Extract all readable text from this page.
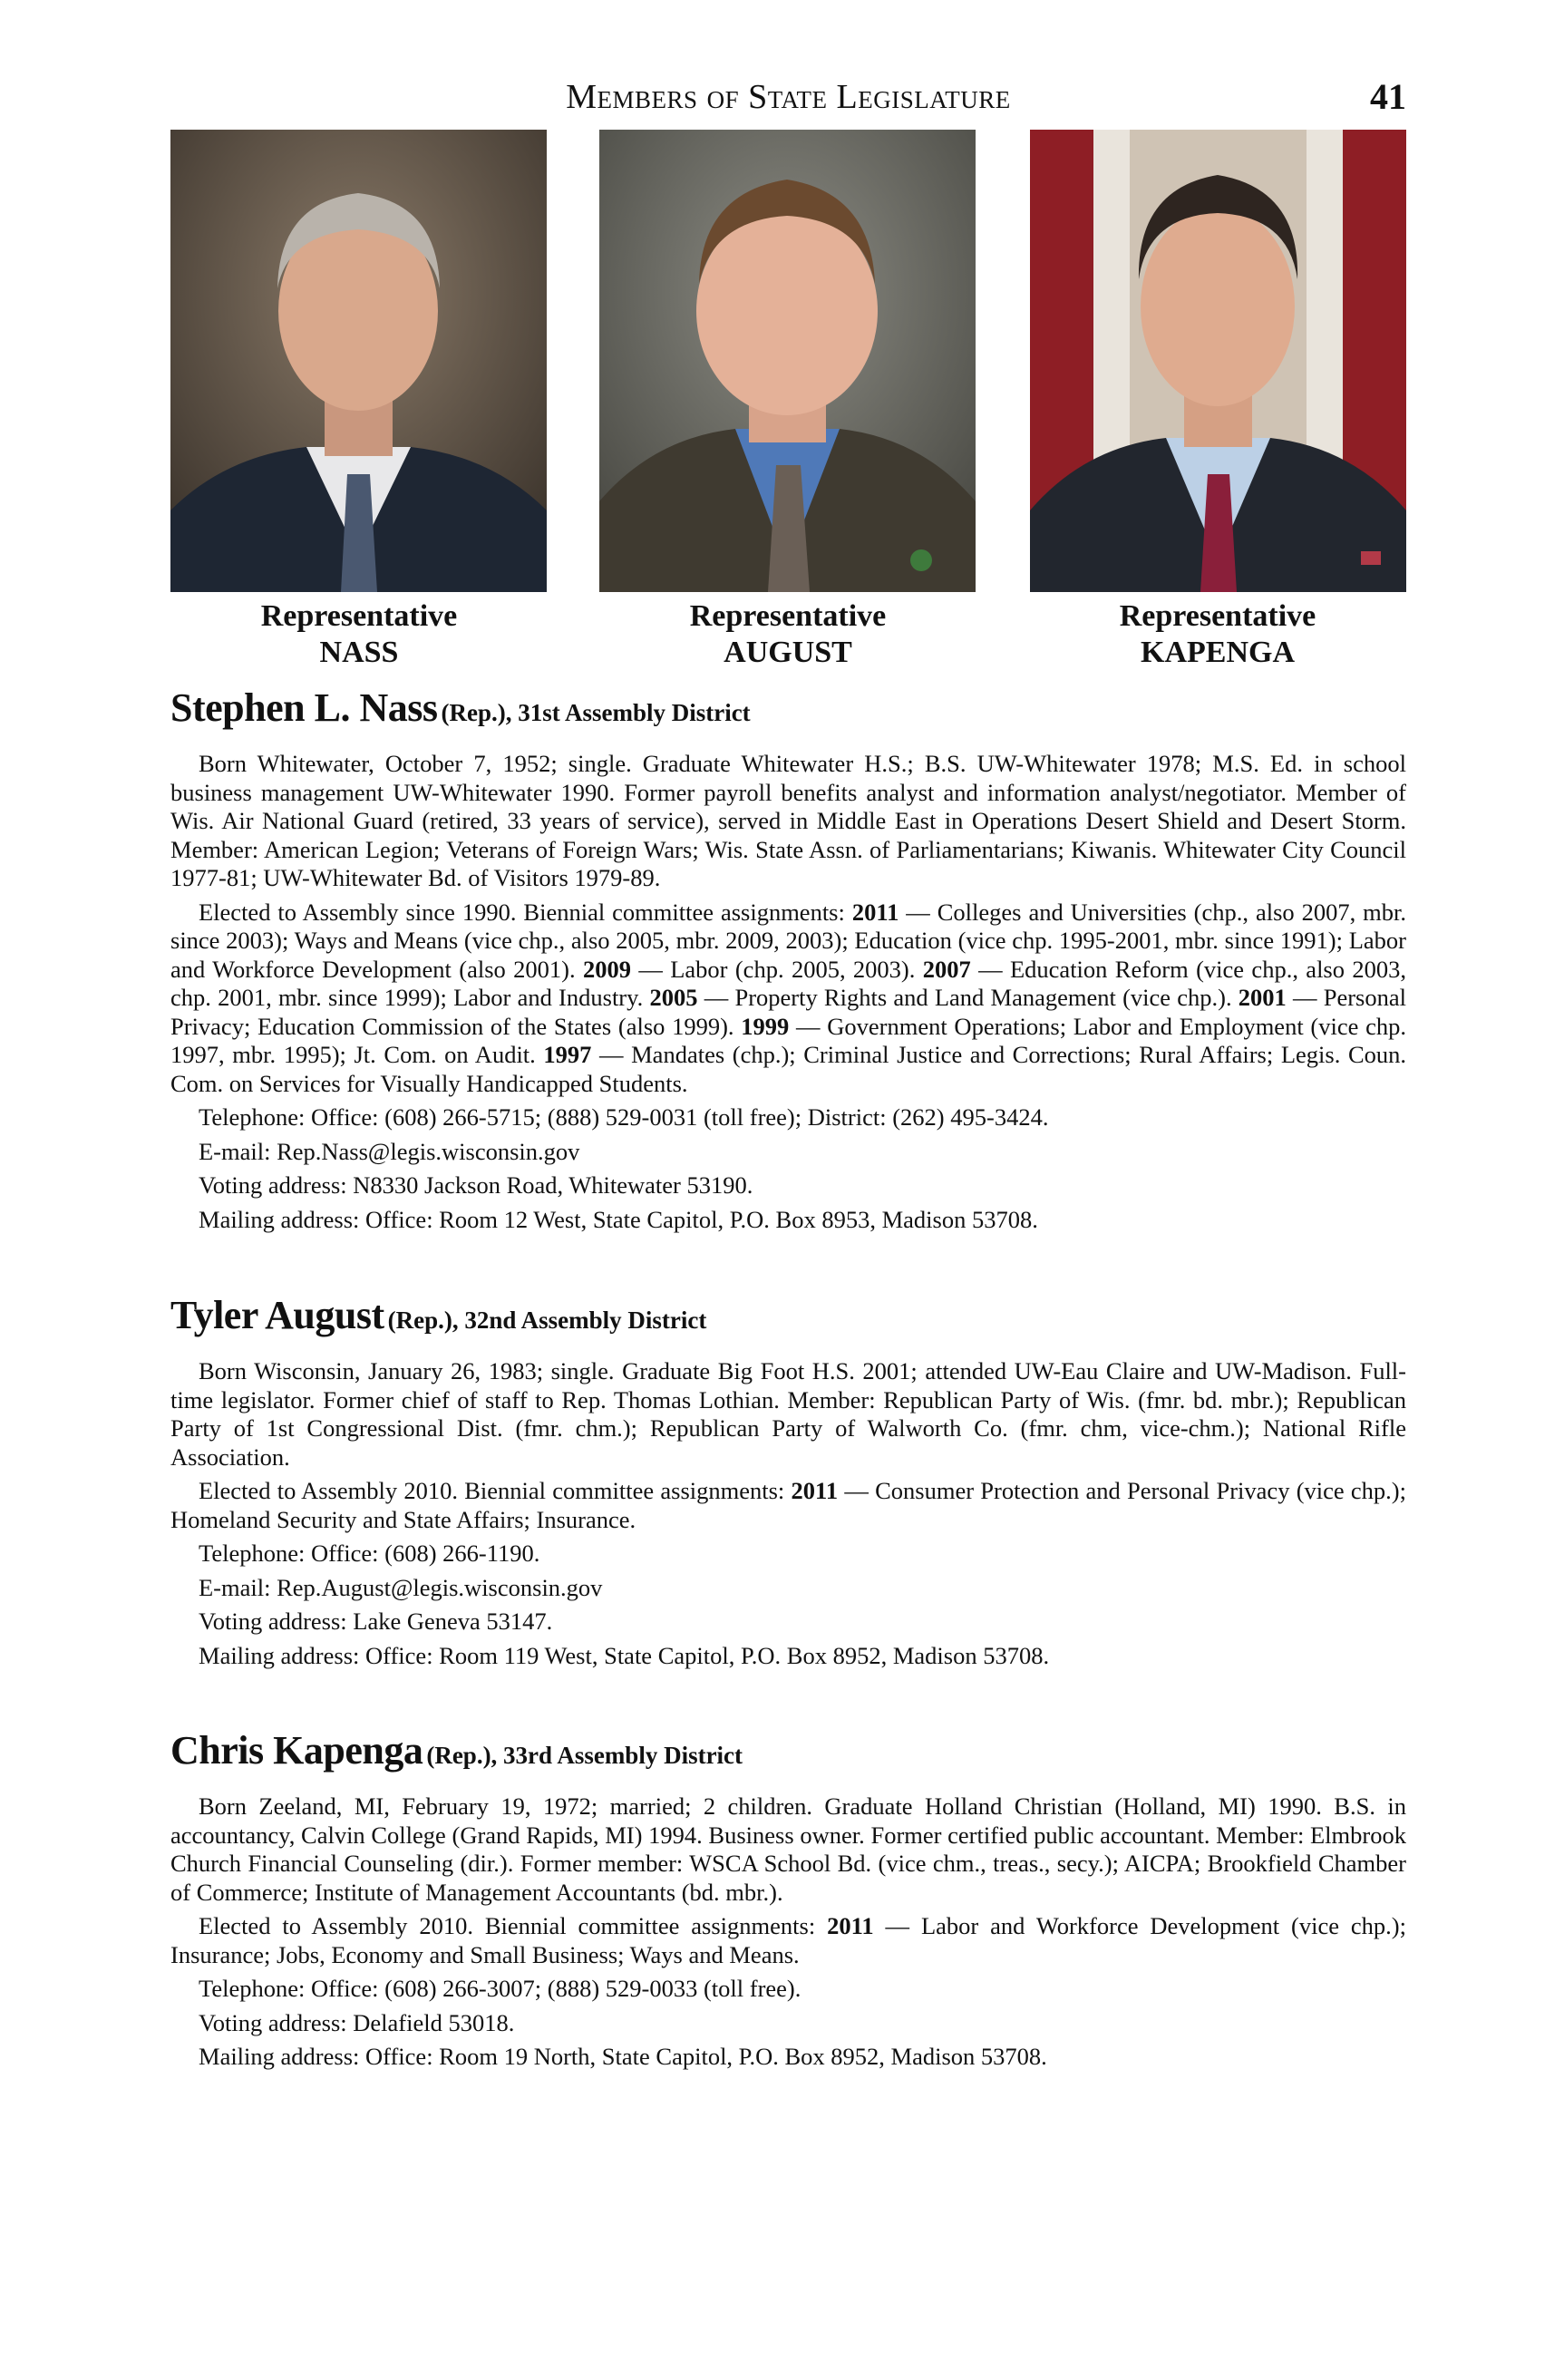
Members of State Legislature	41
Representative
NASS
Representative
AUGUST
Representative
KAPENGA
Stephen L. Nass (Rep.), 31st Assembly District

Born Whitewater, October 7, 1952; single. Graduate Whitewater H.S.; B.S. UW-Whitewater 1978; M.S. Ed. in school business management UW-Whitewater 1990. Former payroll benefits analyst and information analyst/negotiator. Member of Wis. Air National Guard (retired, 33 years of service), served in Middle East in Operations Desert Shield and Desert Storm. Member: American Legion; Veterans of Foreign Wars; Wis. State Assn. of Parliamentarians; Kiwanis. Whitewater City Council 1977-81; UW-Whitewater Bd. of Visitors 1979-89.

Elected to Assembly since 1990. Biennial committee assignments: 2011 — Colleges and Universities (chp., also 2007, mbr. since 2003); Ways and Means (vice chp., also 2005, mbr. 2009, 2003); Education (vice chp. 1995-2001, mbr. since 1991); Labor and Workforce Development (also 2001). 2009 — Labor (chp. 2005, 2003). 2007 — Education Reform (vice chp., also 2003, chp. 2001, mbr. since 1999); Labor and Industry. 2005 — Property Rights and Land Management (vice chp.). 2001 — Personal Privacy; Education Commission of the States (also 1999). 1999 — Government Operations; Labor and Employment (vice chp. 1997, mbr. 1995); Jt. Com. on Audit. 1997 — Mandates (chp.); Criminal Justice and Corrections; Rural Affairs; Legis. Coun. Com. on Services for Visually Handicapped Students.

Telephone: Office: (608) 266-5715; (888) 529-0031 (toll free); District: (262) 495-3424.

E-mail: Rep.Nass@legis.wisconsin.gov

Voting address: N8330 Jackson Road, Whitewater 53190.

Mailing address: Office: Room 12 West, State Capitol, P.O. Box 8953, Madison 53708.

Tyler August (Rep.), 32nd Assembly District

Born Wisconsin, January 26, 1983; single. Graduate Big Foot H.S. 2001; attended UW-Eau Claire and UW-Madison. Full-time legislator. Former chief of staff to Rep. Thomas Lothian. Member: Republican Party of Wis. (fmr. bd. mbr.); Republican Party of 1st Congressional Dist. (fmr. chm.); Republican Party of Walworth Co. (fmr. chm, vice-chm.); National Rifle Association.

Elected to Assembly 2010. Biennial committee assignments: 2011 — Consumer Protection and Personal Privacy (vice chp.); Homeland Security and State Affairs; Insurance.

Telephone: Office: (608) 266-1190.

E-mail: Rep.August@legis.wisconsin.gov

Voting address: Lake Geneva 53147.

Mailing address: Office: Room 119 West, State Capitol, P.O. Box 8952, Madison 53708.

Chris Kapenga (Rep.), 33rd Assembly District

Born Zeeland, MI, February 19, 1972; married; 2 children. Graduate Holland Christian (Holland, MI) 1990. B.S. in accountancy, Calvin College (Grand Rapids, MI) 1994. Business owner. Former certified public accountant. Member: Elmbrook Church Financial Counseling (dir.). Former member: WSCA School Bd. (vice chm., treas., secy.); AICPA; Brookfield Chamber of Commerce; Institute of Management Accountants (bd. mbr.).

Elected to Assembly 2010. Biennial committee assignments: 2011 — Labor and Workforce Development (vice chp.); Insurance; Jobs, Economy and Small Business; Ways and Means.

Telephone: Office: (608) 266-3007; (888) 529-0033 (toll free).

Voting address: Delafield 53018.

Mailing address: Office: Room 19 North, State Capitol, P.O. Box 8952, Madison 53708.
